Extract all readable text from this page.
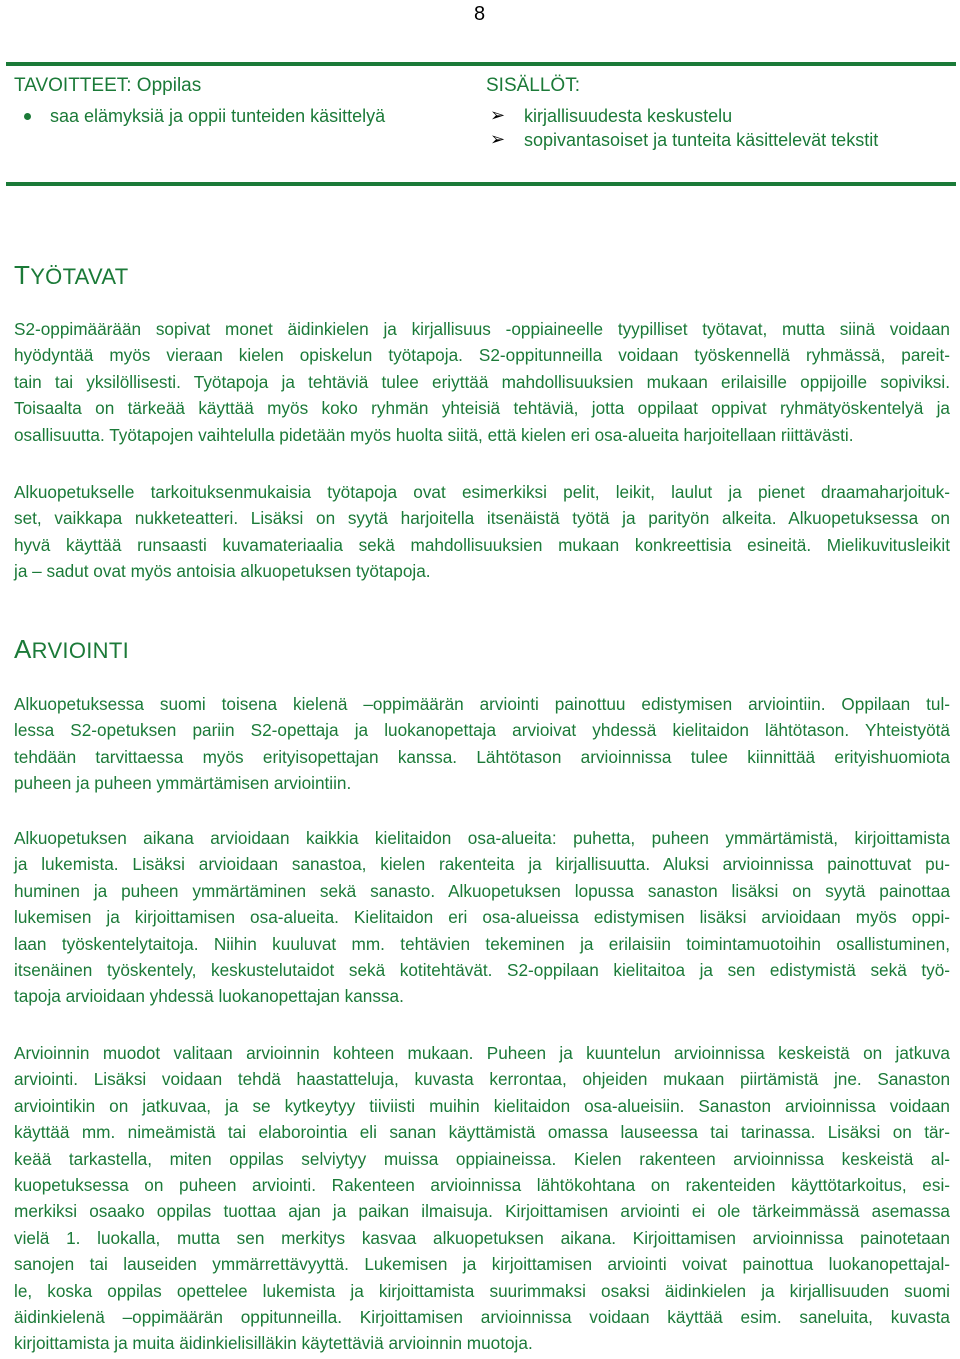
8
TAVOITTEET: Oppilas
saa elämyksiä ja oppii tunteiden käsittelyä
SISÄLLÖT:
➢ kirjallisuudesta keskustelu
➢ sopivantasoiset ja tunteita käsittelevät tekstit
TYÖTAVAT
S2-oppimäärään sopivat monet äidinkielen ja kirjallisuus -oppiaineelle tyypilliset työtavat, mutta siinä voidaan
hyödyntää myös vieraan kielen opiskelun työtapoja. S2-oppitunneilla voidaan työskennellä ryhmässä, pareit-
tain tai yksilöllisesti. Työtapoja ja tehtäviä tulee eriyttää mahdollisuuksien mukaan erilaisille oppijoille sopiviksi.
Toisaalta on tärkeää käyttää myös koko ryhmän yhteisiä tehtäviä, jotta oppilaat oppivat ryhmätyöskentelyä ja
osallisuutta. Työtapojen vaihtelulla pidetään myös huolta siitä, että kielen eri osa-alueita harjoitellaan riittävästi.
Alkuopetukselle tarkoituksenmukaisia työtapoja ovat esimerkiksi pelit, leikit, laulut ja pienet draamaharjoituk-
set, vaikkapa nukketeatteri. Lisäksi on syytä harjoitella itsenäistä työtä ja parityön alkeita. Alkuopetuksessa on
hyvä käyttää runsaasti kuvamateriaalia sekä mahdollisuuksien mukaan konkreettisia esineitä. Mielikuvitusleikit
ja – sadut ovat myös antoisia alkuopetuksen työtapoja.
ARVIOINTI
Alkuopetuksessa suomi toisena kielenä –oppimäärän arviointi painottuu edistymisen arviointiin. Oppilaan tul-
lessa S2-opetuksen pariin S2-opettaja ja luokanopettaja arvioivat yhdessä kielitaidon lähtötason. Yhteistyötä
tehdään tarvittaessa myös erityisopettajan kanssa. Lähtötason arvioinnissa tulee kiinnittää erityishuomiota
puheen ja puheen ymmärtämisen arviointiin.
Alkuopetuksen aikana arvioidaan kaikkia kielitaidon osa-alueita: puhetta, puheen ymmärtämistä, kirjoittamista
ja lukemista. Lisäksi arvioidaan sanastoa, kielen rakenteita ja kirjallisuutta. Aluksi arvioinnissa painottuvat pu-
huminen ja puheen ymmärtäminen sekä sanasto. Alkuopetuksen lopussa sanaston lisäksi on syytä painottaa
lukemisen ja kirjoittamisen osa-alueita. Kielitaidon eri osa-alueissa edistymisen lisäksi arvioidaan myös oppi-
laan työskentelytaitoja. Niihin kuuluvat mm. tehtävien tekeminen ja erilaisiin toimintamuotoihin osallistuminen,
itsenäinen työskentely, keskustelutaidot sekä kotitehtävät. S2-oppilaan kielitaitoa ja sen edistymistä sekä työ-
tapoja arvioidaan yhdessä luokanopettajan kanssa.
Arvioinnin muodot valitaan arvioinnin kohteen mukaan. Puheen ja kuuntelun arvioinnissa keskeistä on jatkuva
arviointi. Lisäksi voidaan tehdä haastatteluja, kuvasta kerrontaa, ohjeiden mukaan piirtämistä jne. Sanaston
arviointikin on jatkuvaa, ja se kytkeytyy tiiviisti muihin kielitaidon osa-alueisiin. Sanaston arvioinnissa voidaan
käyttää mm. nimeämistä tai elaborointia eli sanan käyttämistä omassa lauseessa tai tarinassa. Lisäksi on tär-
keää tarkastella, miten oppilas selviytyy muissa oppiaineissa. Kielen rakenteen arvioinnissa keskeistä al-
kuopetuksessa on puheen arviointi. Rakenteen arvioinnissa lähtökohtana on rakenteiden käyttötarkoitus, esi-
merkiksi osaako oppilas tuottaa ajan ja paikan ilmaisuja. Kirjoittamisen arviointi ei ole tärkeimmässä asemassa
vielä 1. luokalla, mutta sen merkitys kasvaa alkuopetuksen aikana. Kirjoittamisen arvioinnissa painotetaan
sanojen tai lauseiden ymmärrettävyyttä. Lukemisen ja kirjoittamisen arviointi voivat painottua luokanopettajal-
le, koska oppilas opettelee lukemista ja kirjoittamista suurimmaksi osaksi äidinkielen ja kirjallisuuden suomi
äidinkielenä –oppimäärän oppitunneilla. Kirjoittamisen arvioinnissa voidaan käyttää esim. saneluita, kuvasta
kirjoittamista ja muita äidinkielisilläkin käytettäviä arvioinnin muotoja.
